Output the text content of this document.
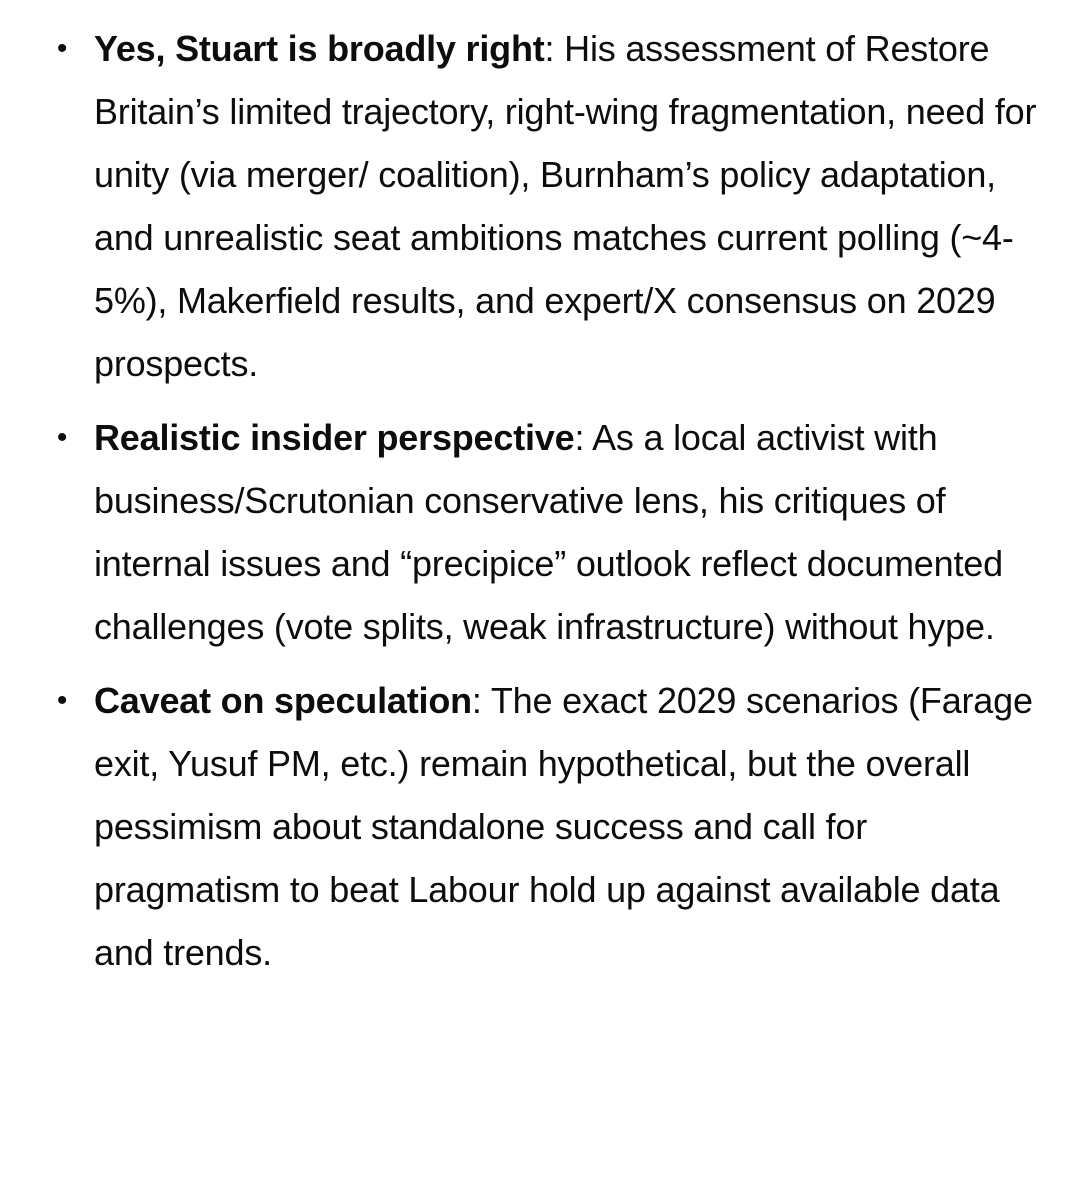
• Yes, Stuart is broadly right: His assessment of Restore Britain’s limited trajectory, right-wing fragmentation, need for unity (via merger/ coalition), Burnham’s policy adaptation, and unrealistic seat ambitions matches current polling (~4-5%), Makerfield results, and expert/X consensus on 2029 prospects.
• Realistic insider perspective: As a local activist with business/Scrutonian conservative lens, his critiques of internal issues and “precipice” outlook reflect documented challenges (vote splits, weak infrastructure) without hype.
• Caveat on speculation: The exact 2029 scenarios (Farage exit, Yusuf PM, etc.) remain hypothetical, but the overall pessimism about standalone success and call for pragmatism to beat Labour hold up against available data and trends.
